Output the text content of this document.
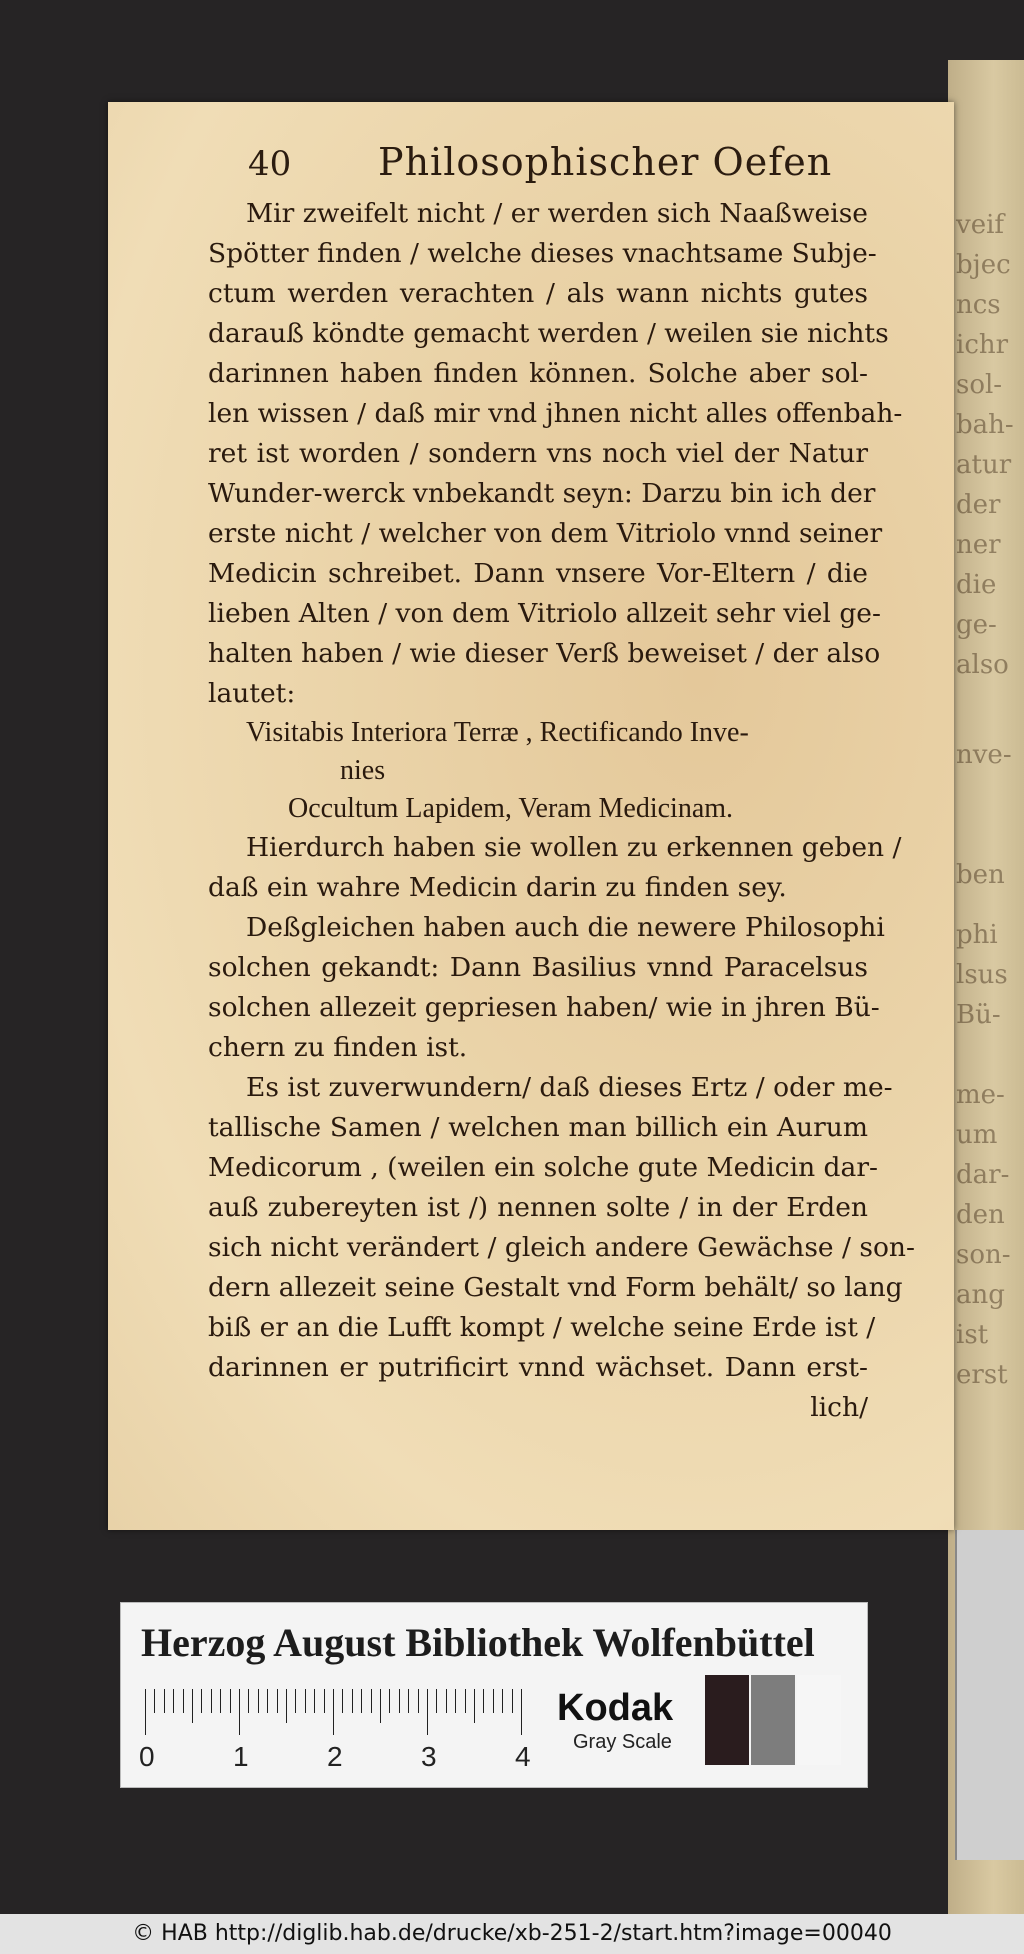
veif
bjec
ncs
ichr
sol-
bah-
atur
der
ner
die
ge-
also
nve-
ben
phi
lsus
Bü-
me-
um
dar-
den
son-
ang
ist
erst
40 Philosophischer Oefen
Mir zweifelt nicht / er werden sich Naaßweise
Spötter finden / welche dieses vnachtsame Subje-
ctum werden verachten / als wann nichts gutes
darauß köndte gemacht werden / weilen sie nichts
darinnen haben finden können. Solche aber sol-
len wissen / daß mir vnd jhnen nicht alles offenbah-
ret ist worden / sondern vns noch viel der Natur
Wunder-werck vnbekandt seyn: Darzu bin ich der
erste nicht / welcher von dem Vitriolo vnnd seiner
Medicin schreibet. Dann vnsere Vor-Eltern / die
lieben Alten / von dem Vitriolo allzeit sehr viel ge-
halten haben / wie dieser Verß beweiset / der also
lautet:
Visitabis Interiora Terræ , Rectificando Inve-
nies
Occultum Lapidem, Veram Medicinam.
Hierdurch haben sie wollen zu erkennen geben /
daß ein wahre Medicin darin zu finden sey.
Deßgleichen haben auch die newere Philosophi
solchen gekandt: Dann Basilius vnnd Paracelsus
solchen allezeit gepriesen haben/ wie in jhren Bü-
chern zu finden ist.
Es ist zuverwundern/ daß dieses Ertz / oder me-
tallische Samen / welchen man billich ein Aurum
Medicorum , (weilen ein solche gute Medicin dar-
auß zubereyten ist /) nennen solte / in der Erden
sich nicht verändert / gleich andere Gewächse / son-
dern allezeit seine Gestalt vnd Form behält/ so lang
biß er an die Lufft kompt / welche seine Erde ist /
darinnen er putrificirt vnnd wächset. Dann erst-
lich/
Herzog August Bibliothek Wolfenbüttel
0	1	2	3	4
Kodak
Gray Scale
© HAB http://diglib.hab.de/drucke/xb-251-2/start.htm?image=00040
